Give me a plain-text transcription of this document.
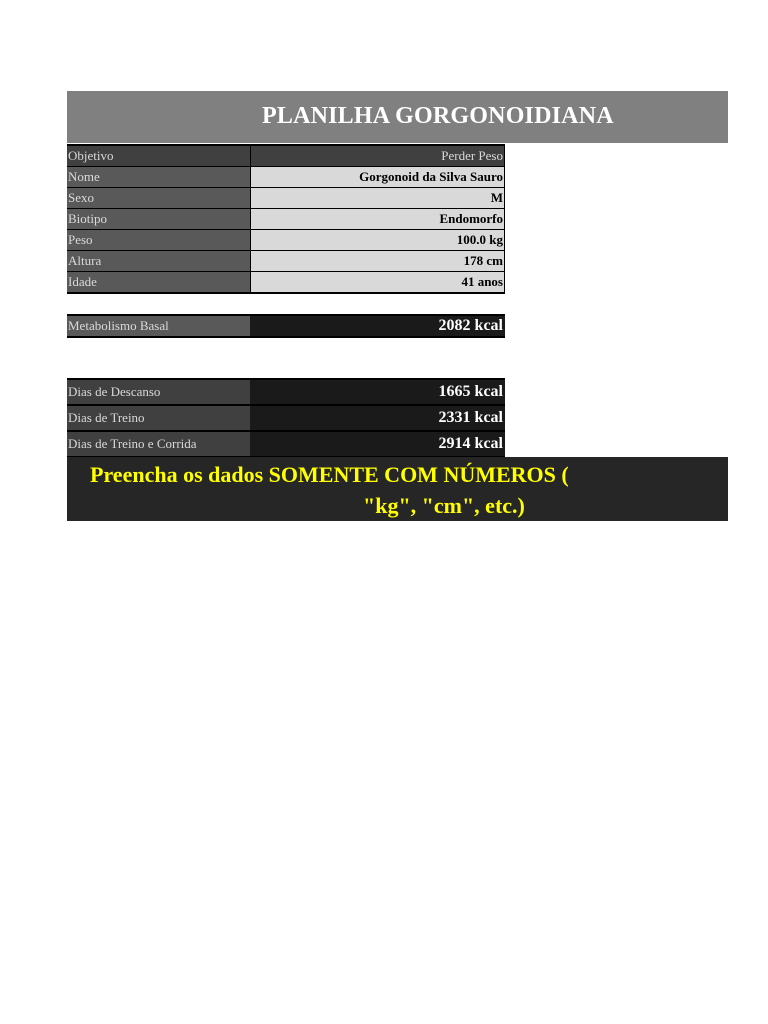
PLANILHA GORGONOIDIANA
Objetivo	Perder Peso
Nome	Gorgonoid da Silva Sauro
Sexo	M
Biotipo	Endomorfo
Peso	100.0 kg
Altura	178 cm
Idade	41 anos
Metabolismo Basal	2082 kcal
Dias de Descanso	1665 kcal
Dias de Treino	2331 kcal
Dias de Treino e Corrida	2914 kcal
Preencha os dados SOMENTE COM NÚMEROS (
"kg", "cm", etc.)
